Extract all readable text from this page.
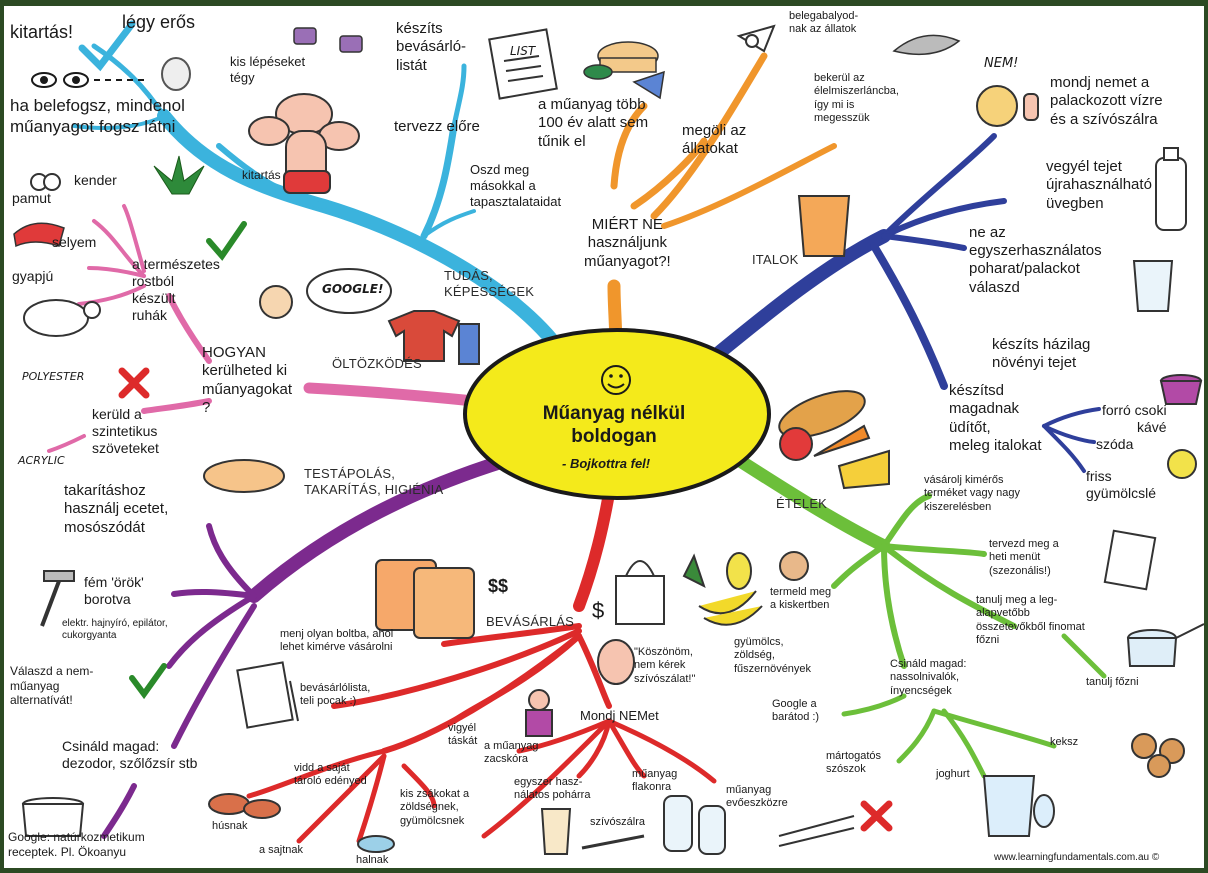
$
Műanyag nélkül
boldogan
- Bojkottra fel!
kitartás!	légy erős
ha belefogsz, mindenol
műanyagot fogsz látni
kis lépéseket
tégy
kitartás
készíts
bevásárló-
listát
LIST
tervezz előre
Oszd meg
másokkal a
tapasztalataidat
TUDÁS,
KÉPESSÉGEK
a műanyag több
100 év alatt sem
tűnik el
megöli az
állatokat
belegabalyod-
nak az állatok
bekerül az
élelmiszerláncba,
így mi is
megesszük
MIÉRT NE
használjunk
műanyagot?!
NEM!
mondj nemet a
palackozott vízre
és a szívószálra
vegyél tejet
újrahasználható
üvegben
ne az
egyszerhasználatos
poharat/palackot
válaszd
készíts házilag
növényi tejet
készítsd
magadnak
üdítőt,
meleg italokat
forró csoki
kávé
szóda
friss
gyümölcslé
ITALOK
vásárolj kimérős
terméket vagy nagy
kiszerelésben
tervezd meg a
heti menüt
(szezonális!)
termeld meg
a kiskertben
gyümölcs,
zöldség,
fűszernövények
tanulj meg a leg-
alapvetőbb
összetevőkből finomat
főzni
tanulj főzni
Csináld magad:
nassolnivalók,
ínyencségek
Google a
barátod :)
keksz
mártogatós
szószok	joghurt
ÉTELEK
$$
BEVÁSÁRLÁS
menj olyan boltba, ahol
lehet kimérve vásárolni
bevásárlólista,
teli pocak :)
vigyél
táskát
Mondj NEMet
"Köszönöm,
nem kérek
szívószálat!"
a műanyag
zacskóra
vidd a saját
tároló edényed
kis zsákokat a
zöldségnek,
gyümölcsnek
egyszer hasz-
nálatos pohárra
műanyag
flakonra	műanyag
evőeszközre
szívószálra
húsnak
a sajtnak
halnak
TESTÁPOLÁS,
TAKARÍTÁS, HIGIÉNIA
takarításhoz
használj ecetet,
mosószódát
fém 'örök'
borotva
elektr. hajnyíró, epilátor,
cukorgyanta
Válaszd a nem-
műanyag
alternatívát!
Csináld magad:
dezodor, szőlőzsír stb
Google: natúrkozmetikum
receptek. Pl. Ökoanyu
ÖLTÖZKÖDÉS
HOGYAN
kerülheted ki
műanyagokat
?
a természetes
rostból
készült
ruhák
GOOGLE!
kender
pamut
selyem
gyapjú
kerüld a
szintetikus
szöveteket
POLYESTER
ACRYLIC
www.learningfundamentals.com.au ©
